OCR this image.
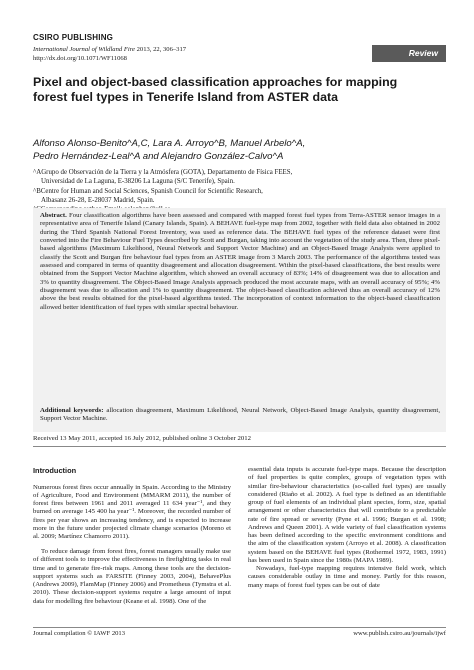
CSIRO PUBLISHING
International Journal of Wildland Fire 2013, 22, 306–317
http://dx.doi.org/10.1071/WF11068
Review
Pixel and object-based classification approaches for mapping forest fuel types in Tenerife Island from ASTER data
Alfonso Alonso-Benito^A,C, Lara A. Arroyo^B, Manuel Arbelo^A,
Pedro Hernández-Leal^A and Alejandro González-Calvo^A
^AGrupo de Observación de la Tierra y la Atmósfera (GOTA), Departamento de Física FEES,
Universidad de La Laguna, E-38206 La Laguna (S/C Tenerife), Spain.
^BCentre for Human and Social Sciences, Spanish Council for Scientific Research,
Albasanz 26-28, E-28037 Madrid, Spain.
Abstract. Four classification algorithms have been assessed and compared with mapped forest fuel types from Terra-ASTER sensor images in a representative area of Tenerife Island (Canary Islands, Spain). A BEHAVE fuel-type map from 2002, together with field data also obtained in 2002 during the Third Spanish National Forest Inventory, was used as reference data. The BEHAVE fuel types of the reference dataset were first converted into the Fire Behaviour Fuel Types described by Scott and Burgan, taking into account the vegetation of the study area. Then, three pixel-based algorithms (Maximum Likelihood, Neural Network and Support Vector Machine) and an Object-Based Image Analysis were applied to classify the Scott and Burgan fire behaviour fuel types from an ASTER image from 3 March 2003. The performance of the algorithms tested was assessed and compared in terms of quantity disagreement and allocation disagreement. Within the pixel-based classifications, the best results were obtained from the Support Vector Machine algorithm, which showed an overall accuracy of 83%; 14% of disagreement was due to allocation and 3% to quantity disagreement. The Object-Based Image Analysis approach produced the most accurate maps, with an overall accuracy of 95%; 4% disagreement was due to allocation and 1% to quantity disagreement. The object-based classification achieved thus an overall accuracy of 12% above the best results obtained for the pixel-based algorithms tested. The incorporation of context information to the object-based classification allowed better identification of fuel types with similar spectral behaviour.
Additional keywords: allocation disagreement, Maximum Likelihood, Neural Network, Object-Based Image Analysis, quantity disagreement, Support Vector Machine.
Received 13 May 2011, accepted 16 July 2012, published online 3 October 2012
Introduction

Numerous forest fires occur annually in Spain. According to the Ministry of Agriculture, Food and Environment (MMARM 2011), the number of forest fires between 1961 and 2011 averaged 11 634 year⁻¹, and they burned on average 145 400 ha year⁻¹. Moreover, the recorded number of fires per year shows an increasing tendency, and is expected to increase more in the future under projected climate change scenarios (Moreno et al. 2009; Martínez Chamorro 2011).

To reduce damage from forest fires, forest managers usually make use of different tools to improve the effectiveness in firefighting tasks in real time and to generate fire-risk maps. Among these tools are the decision-support systems such as FARSITE (Finney 2003, 2004), BehavePlus (Andrews 2009), FlamMap (Finney 2006) and Prometheus (Tymstra et al. 2010). These decision-support systems require a large amount of input data for modelling fire behaviour (Keane et al. 1998). One of the

essential data inputs is accurate fuel-type maps. Because the description of fuel properties is quite complex, groups of vegetation types with similar fire-behaviour characteristics (so-called fuel types) are usually considered (Riaño et al. 2002). A fuel type is defined as an identifiable group of fuel elements of an individual plant species, form, size, spatial arrangement or other characteristics that will contribute to a predictable rate of fire spread or severity (Pyne et al. 1996; Burgan et al. 1998; Andrews and Queen 2001). A wide variety of fuel classification systems has been defined according to the specific environment conditions and the aim of the classification system (Arroyo et al. 2008). A classification system based on the BEHAVE fuel types (Rothermel 1972, 1983, 1991) has been used in Spain since the 1980s (MAPA 1989).

Nowadays, fuel-type mapping requires intensive field work, which causes considerable outlay in time and money. Partly for this reason, many maps of forest fuel types can be out of date

Journal compilation © IAWF 2013	www.publish.csiro.au/journals/ijwf
